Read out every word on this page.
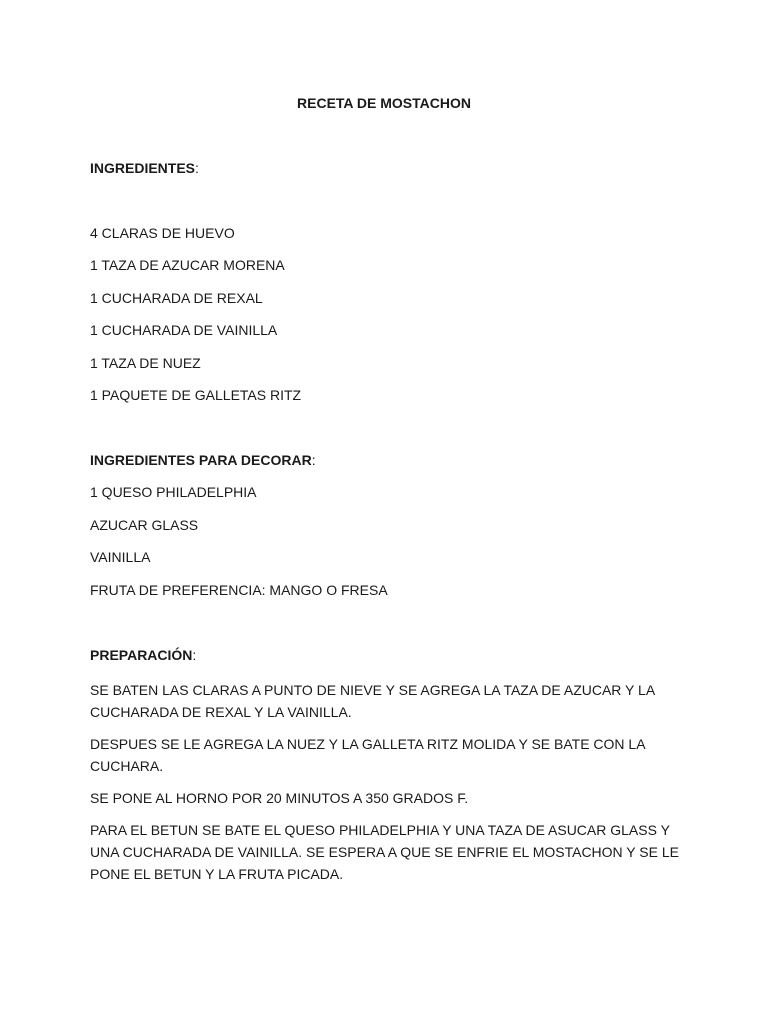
RECETA DE MOSTACHON
INGREDIENTES:
4 CLARAS DE HUEVO
1 TAZA DE AZUCAR MORENA
1 CUCHARADA DE REXAL
1 CUCHARADA DE VAINILLA
1 TAZA DE NUEZ
1 PAQUETE DE GALLETAS RITZ
INGREDIENTES PARA DECORAR:
1 QUESO PHILADELPHIA
AZUCAR GLASS
VAINILLA
FRUTA DE PREFERENCIA: MANGO O FRESA
PREPARACIÓN:

SE BATEN LAS CLARAS A PUNTO DE NIEVE Y SE AGREGA LA TAZA DE AZUCAR Y LA CUCHARADA DE REXAL Y LA VAINILLA.

DESPUES SE LE AGREGA LA NUEZ Y LA GALLETA RITZ MOLIDA Y SE BATE CON LA CUCHARA.

SE PONE AL HORNO POR 20 MINUTOS A 350 GRADOS F.

PARA EL BETUN SE BATE EL QUESO PHILADELPHIA Y UNA TAZA DE ASUCAR GLASS Y UNA CUCHARADA DE VAINILLA. SE ESPERA A QUE SE ENFRIE EL MOSTACHON Y SE LE PONE EL BETUN Y LA FRUTA PICADA.
